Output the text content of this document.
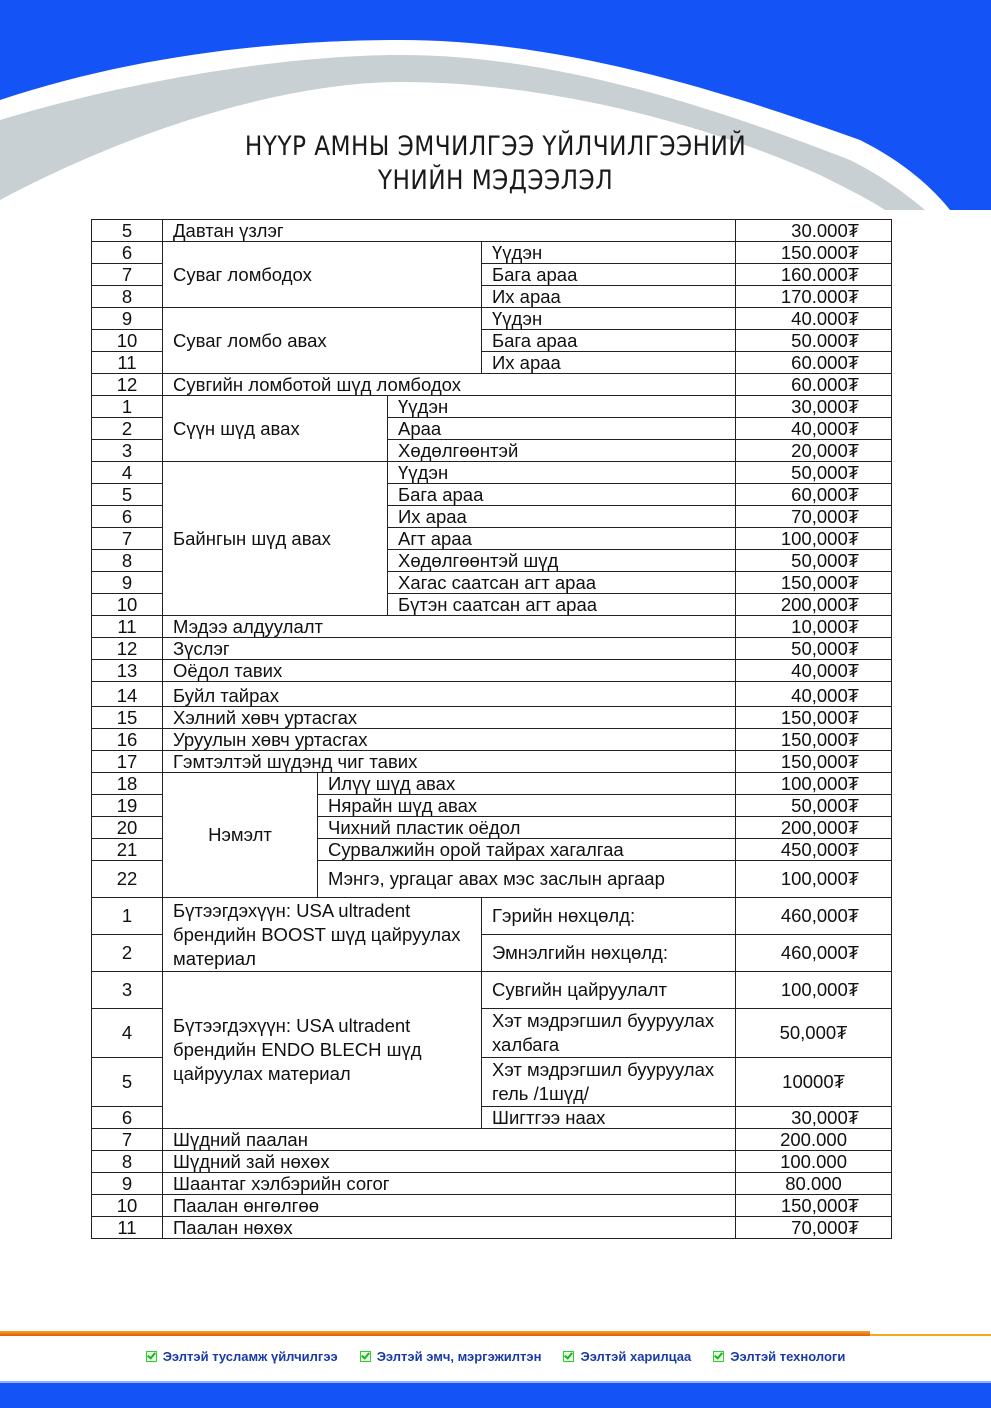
НҮҮР АМНЫ ЭМЧИЛГЭЭ ҮЙЛЧИЛГЭЭНИЙ
ҮНИЙН МЭДЭЭЛЭЛ
5	Давтан үзлэг				30.000₮
6	Суваг ломбодох			Үүдэн	150.000₮
7				Бага араа	160.000₮
8				Их араа	170.000₮
9	Суваг ломбо авах			Үүдэн	40.000₮
10				Бага араа	50.000₮
11				Их араа	60.000₮
12	Сувгийн ломботой шүд ломбодох				60.000₮
1	Сүүн шүд авах		Үүдэн		30,000₮
2			Араа		40,000₮
3			Хөдөлгөөнтэй		20,000₮
4	Байнгын шүд авах		Үүдэн		50,000₮
5			Бага араа		60,000₮
6			Их араа		70,000₮
7			Агт араа		100,000₮
8			Хөдөлгөөнтэй шүд		50,000₮
9			Хагас саатсан агт араа		150,000₮
10			Бүтэн саатсан агт араа		200,000₮
11	Мэдээ алдуулалт				10,000₮
12	Зүслэг				50,000₮
13	Оёдол тавих				40,000₮
14	Буйл тайрах				40,000₮
15	Хэлний хөвч уртасгах				150,000₮
16	Уруулын хөвч уртасгах				150,000₮
17	Гэмтэлтэй шүдэнд чиг тавих				150,000₮
18	Нэмэлт	Илүү шүд авах			100,000₮
19		Нярайн шүд авах			50,000₮
20		Чихний пластик оёдол			200,000₮
21		Сурвалжийн орой тайрах хагалгаа			450,000₮
22		Мэнгэ, ургацаг авах мэс заслын аргаар			100,000₮
1	Бүтээгдэхүүн: USA ultradent брендийн BOOST шүд цайруулах материал			Гэрийн нөхцөлд:	460,000₮
2				Эмнэлгийн нөхцөлд:	460,000₮
3	Бүтээгдэхүүн: USA ultradent брендийн ENDO BLECH шүд цайруулах материал			Сувгийн цайруулалт	100,000₮
4				Хэт мэдрэгшил бууруулах халбага	50,000₮
5				Хэт мэдрэгшил бууруулах гель /1шүд/	10000₮
6				Шигтгээ наах	30,000₮
7	Шүдний паалан				200.000
8	Шүдний зай нөхөх				100.000
9	Шаантаг хэлбэрийн согог				80.000
10	Паалан өнгөлгөө				150,000₮
11	Паалан нөхөх				70,000₮
Ээлтэй тусламж үйлчилгээ	Ээлтэй эмч, мэргэжилтэн	Ээлтэй харилцаа	Ээлтэй технологи
